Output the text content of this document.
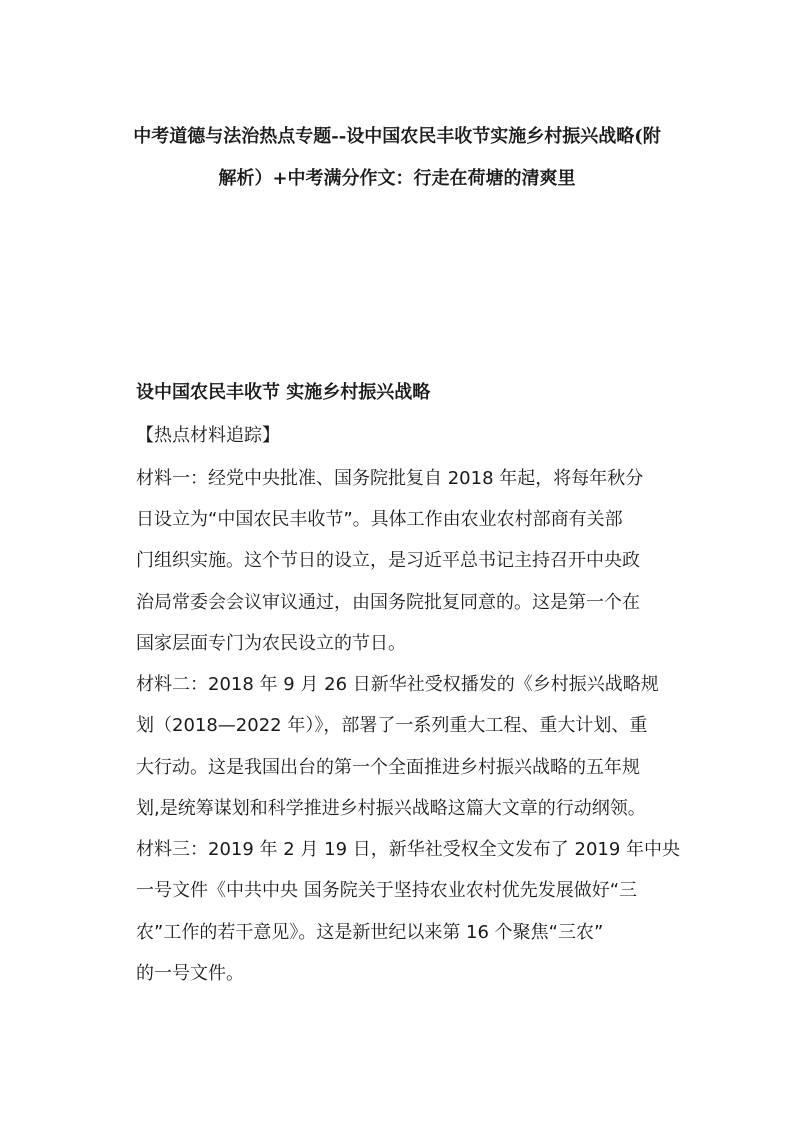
中考道德与法治热点专题--设中国农民丰收节实施乡村振兴战略(附
解析）+中考满分作文：行走在荷塘的清爽里
设中国农民丰收节 实施乡村振兴战略
【热点材料追踪】
材料一：经党中央批准、国务院批复自 2018 年起，将每年秋分
日设立为“中国农民丰收节”。具体工作由农业农村部商有关部
门组织实施。这个节日的设立，是习近平总书记主持召开中央政
治局常委会会议审议通过，由国务院批复同意的。这是第一个在
国家层面专门为农民设立的节日。
材料二：2018 年 9 月 26 日新华社受权播发的《乡村振兴战略规
划（2018—2022 年）》，部署了一系列重大工程、重大计划、重
大行动。这是我国出台的第一个全面推进乡村振兴战略的五年规
划,是统筹谋划和科学推进乡村振兴战略这篇大文章的行动纲领。
材料三：2019 年 2 月 19 日，新华社受权全文发布了 2019 年中央
一号文件《中共中央 国务院关于坚持农业农村优先发展做好“三
农”工作的若干意见》。这是新世纪以来第 16 个聚焦“三农”
的一号文件。
